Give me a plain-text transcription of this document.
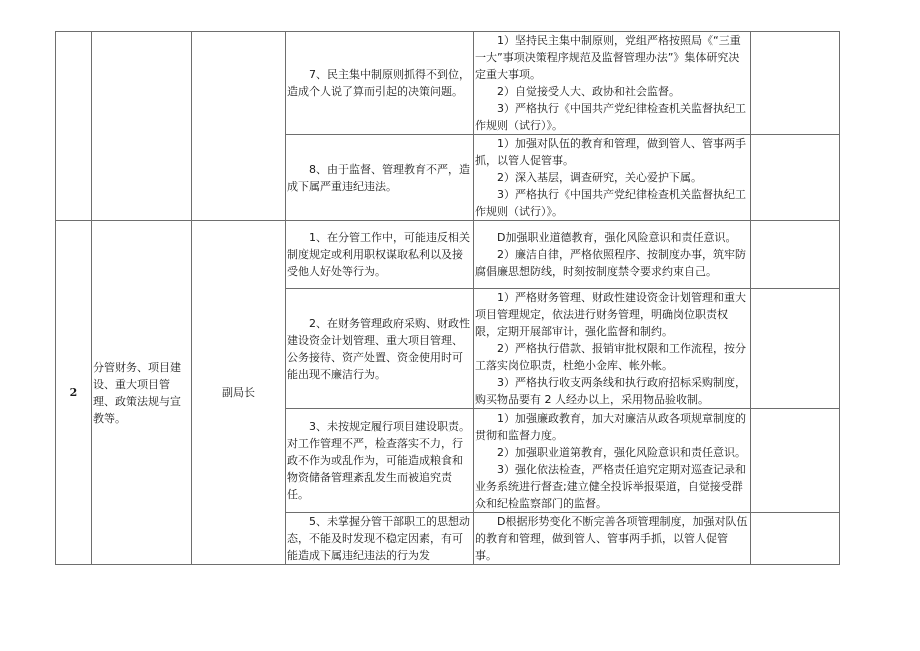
			7、民主集中制原则抓得不到位，造成个人说了算而引起的决策问题。	1）坚持民主集中制原则，党组严格按照局《“三重一大”事项决策程序规范及监督管理办法”》集体研究决定重大事项。

2）自觉接受人大、政协和社会监督。

3）严格执行《中国共产党纪律检查机关监督执纪工作规则（试行）》。	

			8、由于监督、管理教育不严，造成下属严重违纪违法。	1）加强对队伍的教育和管理，做到管人、管事两手抓，以管人促管事。

2）深入基层，调查研究，关心爱护下属。

3）严格执行《中国共产党纪律检查机关监督执纪工作规则（试行）》。	

2	分管财务、项目建设、重大项目管理、政策法规与宣教等。	副局长	1、在分管工作中，可能违反相关制度规定或利用职权谋取私利以及接受他人好处等行为。	D加强职业道德教育，强化风险意识和责任意识。

2）廉洁自律，严格依照程序、按制度办事，筑牢防腐倡廉思想防线，时刻按制度禁令要求约束自己。	

			2、在财务管理政府采购、财政性建设资金计划管理、重大项目管理、公务接待、资产处置、资金使用时可能出现不廉洁行为。	1）严格财务管理、财政性建设资金计划管理和重大项目管理规定，依法进行财务管理，明确岗位职责权限，定期开展部审计，强化监督和制约。

2）严格执行借款、报销审批权限和工作流程，按分工落实岗位职责，杜绝小金库、帐外帐。

3）严格执行收支两条线和执行政府招标采购制度，购买物品要有 2 人经办以上，采用物品验收制。	

			3、未按规定履行项目建设职责。对工作管理不严，检查落实不力，行政不作为或乱作为，可能造成粮食和物资储备管理紊乱发生而被追究责任。	1）加强廉政教育，加大对廉洁从政各项规章制度的贯彻和监督力度。

2）加强职业道第教育，强化风险意识和责任意识。

3）强化依法检查，严格责任追究定期对巡查记录和业务系统进行督查;建立健全投诉举报渠道，自觉接受群众和纪检监察部门的监督。	

			5、未掌握分管干部职工的思想动态，不能及时发现不稳定因素，有可能造成下属违纪违法的行为发	D根据形势变化不断完善各项管理制度，加强对队伍的教育和管理，做到管人、管事两手抓，以管人促管事。	
